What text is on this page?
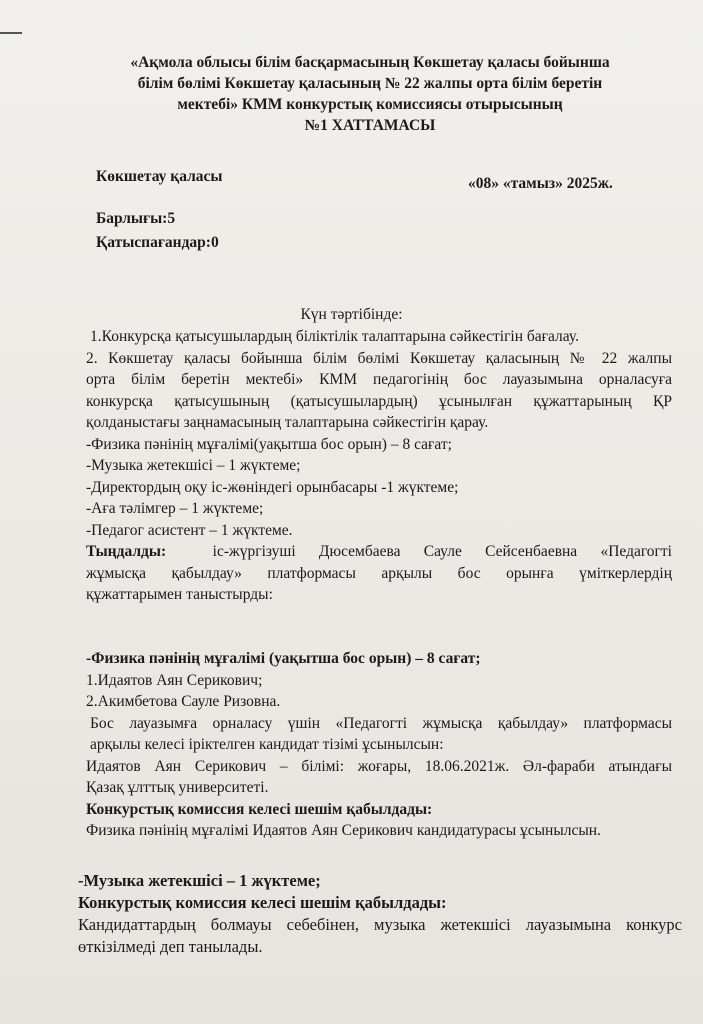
«Ақмола облысы білім басқармасының Көкшетау қаласы бойынша
білім бөлімі Көкшетау қаласының № 22 жалпы орта білім беретін
мектебі» КММ конкурстық комиссиясы отырысының
№1 ХАТТАМАСЫ
Көкшетау қаласы	«08» «тамыз» 2025ж.
Барлығы:5
Қатыспағандар:0
Күн тәртібінде:
1.Конкурсқа қатысушылардың біліктілік талаптарына сәйкестігін бағалау.
2. Көкшетау қаласы бойынша білім бөлімі Көкшетау қаласының № 22 жалпы
орта білім беретін мектебі» КММ педагогінің бос лауазымына орналасуға
конкурсқа қатысушының (қатысушылардың) ұсынылған құжаттарының ҚР
қолданыстағы заңнамасының талаптарына сәйкестігін қарау.
-Физика пәнінің мұғалімі(уақытша бос орын) – 8 сағат;
-Музыка жетекшісі – 1 жүктеме;
-Директордың оқу іс-жөніндегі орынбасары -1 жүктеме;
-Аға тәлімгер – 1 жүктеме;
-Педагог асистент – 1 жүктеме.
Тыңдалды:	іс-жүргізуші Дюсембаева Сауле Сейсенбаевна «Педагогті
жұмысқа қабылдау» платформасы арқылы бос орынға үміткерлердің
құжаттарымен таныстырды:
-Физика пәнінің мұғалімі (уақытша бос орын) – 8 сағат;
1.Идаятов Аян Серикович;
2.Акимбетова Сауле Ризовна.
Бос лауазымға орналасу үшін «Педагогті жұмысқа қабылдау» платформасы
арқылы келесі іріктелген кандидат тізімі ұсынылсын:
Идаятов Аян Серикович – білімі: жоғары, 18.06.2021ж. Әл-фараби атындағы
Қазақ ұлттық университеті.
Конкурстық комиссия келесі шешім қабылдады:
Физика пәнінің мұғалімі Идаятов Аян Серикович кандидатурасы ұсынылсын.
-Музыка жетекшісі – 1 жүктеме;
Конкурстық комиссия келесі шешім қабылдады:
Кандидаттардың болмауы себебінен, музыка жетекшісі лауазымына конкурс
өткізілмеді деп танылады.
